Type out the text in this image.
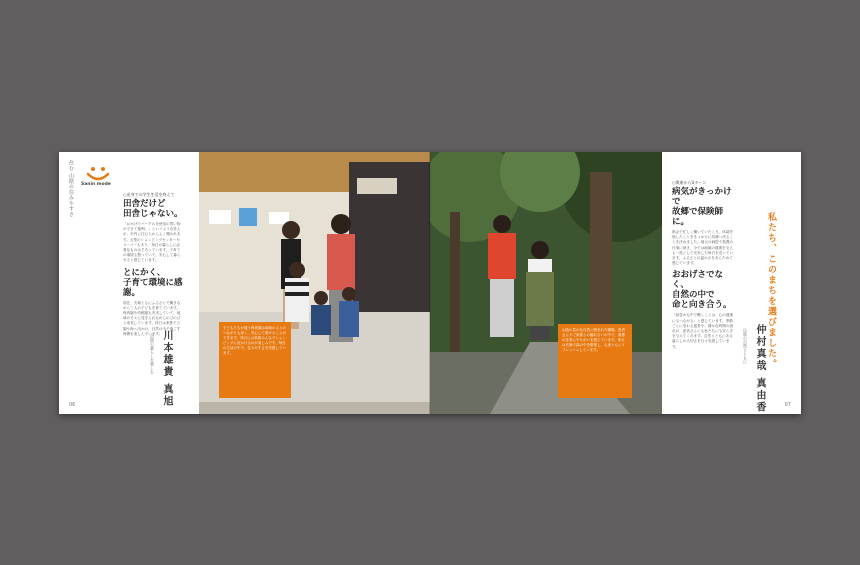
住む 山陰の住みやすさ Sanin mode

○出身での学生生活を終えて

田舎だけど
田舎じゃない。

「おかげでパーク＆を使用の買い物ができて便利。」というような答えが、市内に住む人からよく聞かれます。大型のショッピングセンターやスーパーもあり、毎日の暮らしに必要なものはそろっています。子育ての環境も整っていて、安心して暮らせると感じています。

とにかく、
子育て環境に感謝。

現在、夫婦ともにふるさとで働きながら三人の子どもを育てています。保育園や幼稚園も充実していて、地域の方々に見守られながらのびのびと成長しています。休日は家族で公園や海へ出かけ、自然の中で過ごす時間を楽しんでいます。

川本雄貴 真旭
山陰の暮らしを楽しむ
06
子どもたちが通う保育園は地域の人とのつながりも深く、安心して預けることができます。休日には家族みんなでショッピングに出かけるのが楽しみです。毎日の生活の中で、住みやすさを実感しています。
山陰の豊かな自然に囲まれた職場。患者さんやご家族との触れ合いの中で、看護の仕事にやりがいを感じています。休日は夫婦で森の中を散策し、心身ともにリフレッシュしています。

○関東からUターン

病気がきっかけで
故郷で保険師に。

都会で忙しく働いていたころ、体調を崩したことをきっかけに故郷へ戻ることを決めました。地元の病院で看護の仕事に就き、今では地域の健康を支える一員として充実した毎日を送っています。ふるさとの温かさをあらためて感じています。

おおげさでなく、
自然の中で
命と向き合う。

「緑豊かな中で働くことは、心の健康にもつながる」と感じています。季節ごとに変わる風景や、静かな時間の流れが、患者さんにも私たちにも安らぎを与えてくれます。自然とともにある暮らしの大切さを日々実感しています。	仲村真哉 真由香
山陰の自然とともに 私たち、このまちを選びました。
07
